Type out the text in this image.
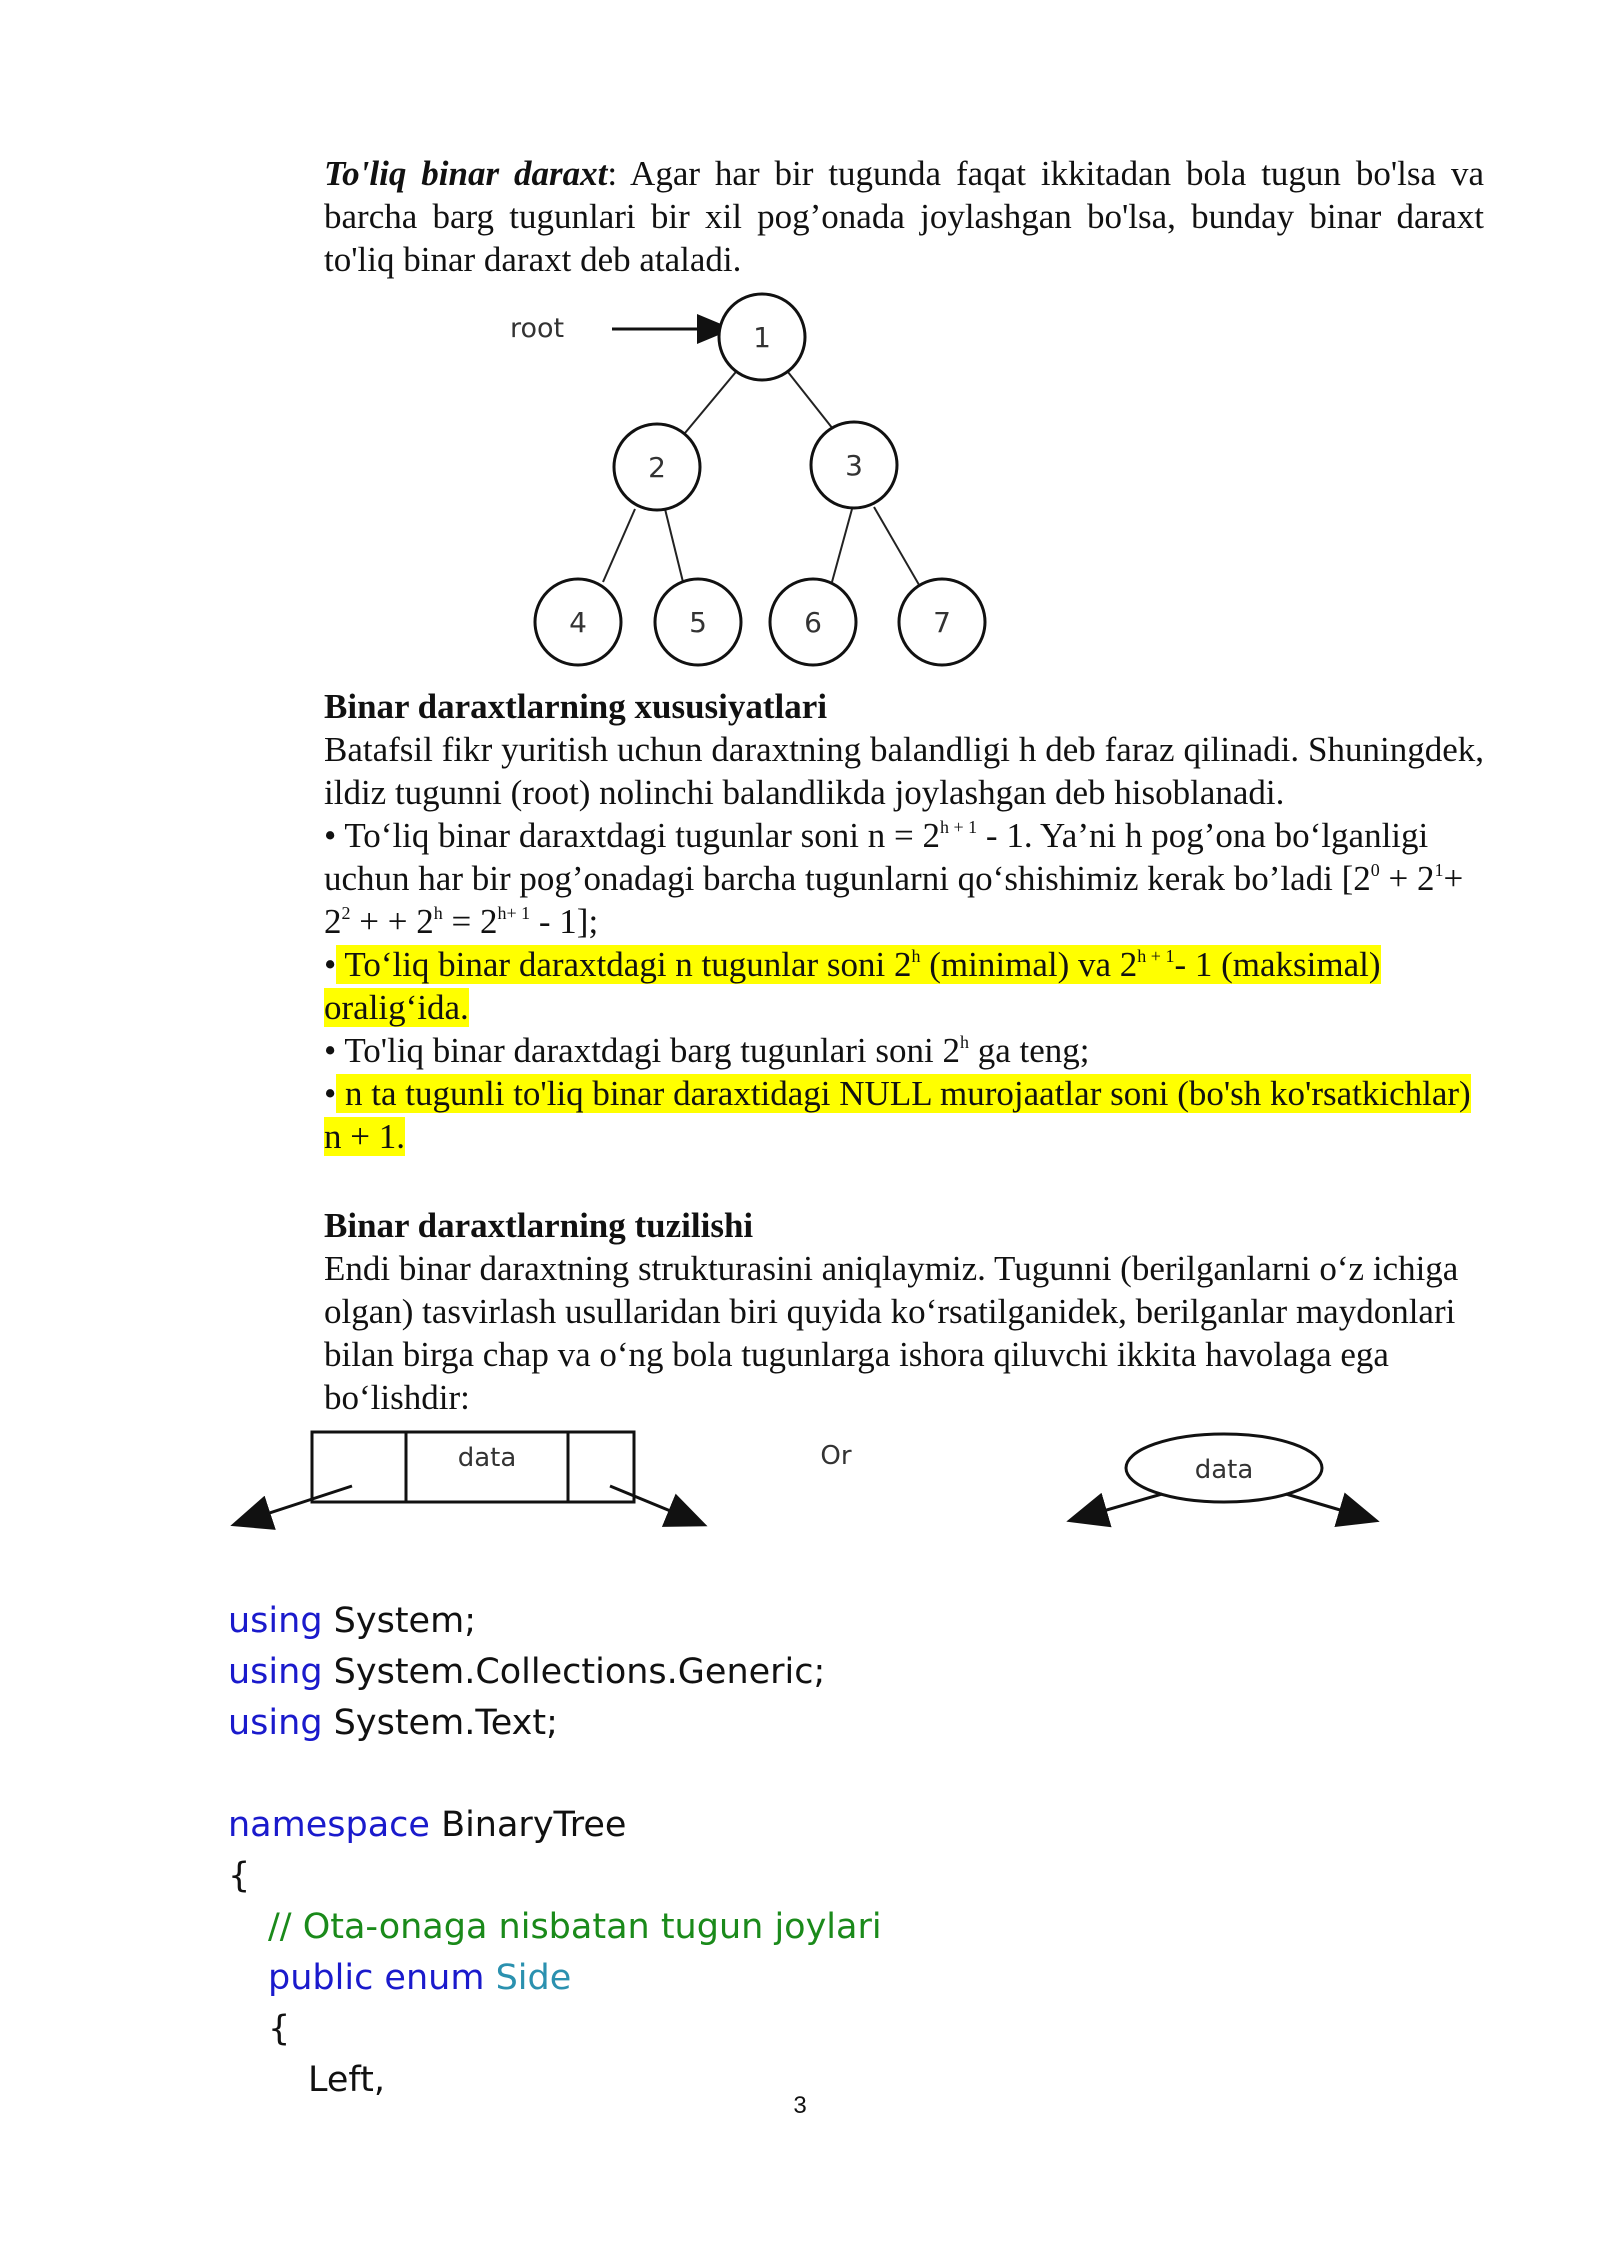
To'liq binar daraxt: Agar har bir tugunda faqat ikkitadan bola tugun bo'lsa va barcha barg tugunlari bir xil pog’onada joylashgan bo'lsa, bunday binar daraxt to'liq binar daraxt deb ataladi.

root	1
2	3
4	5	6	7

Binar daraxtlarning xususiyatlari

Batafsil fikr yuritish uchun daraxtning balandligi h deb faraz qilinadi. Shuningdek, ildiz tugunni (root) nolinchi balandlikda joylashgan deb hisoblanadi.

• To‘liq binar daraxtdagi tugunlar soni $n = 2^{h + 1} - 1$. Ya’ni h pog’ona bo‘lganligi uchun har bir pog’onadagi barcha tugunlarni qo‘shishimiz kerak bo’ladi [$2^0 + 2^1+ 2^2$ + + $2^h = 2^{h+ 1} - 1$];

• To‘liq binar daraxtdagi n tugunlar soni 2$^h$ (minimal) va $2^{h + 1}-$ 1 (maksimal) oralig‘ida.

• To'liq binar daraxtdagi barg tugunlari soni 2$^h$ ga teng;

• n ta tugunli to'liq binar daraxtidagi NULL murojaatlar soni (bo'sh ko'rsatkichlar) n + 1.

Binar daraxtlarning tuzilishi

Endi binar daraxtning strukturasini aniqlaymiz. Tugunni (berilganlarni o‘z ichiga olgan) tasvirlash usullaridan biri quyida ko‘rsatilganidek, berilganlar maydonlari bilan birga chap va o‘ng bola tugunlarga ishora qiluvchi ikkita havolaga ega bo‘lishdir:

data	Or	data

using System;
using System.Collections.Generic;
using System.Text;

namespace BinaryTree
{
// Ota-onaga nisbatan tugun joylari
public enum Side
{
Left,

3
